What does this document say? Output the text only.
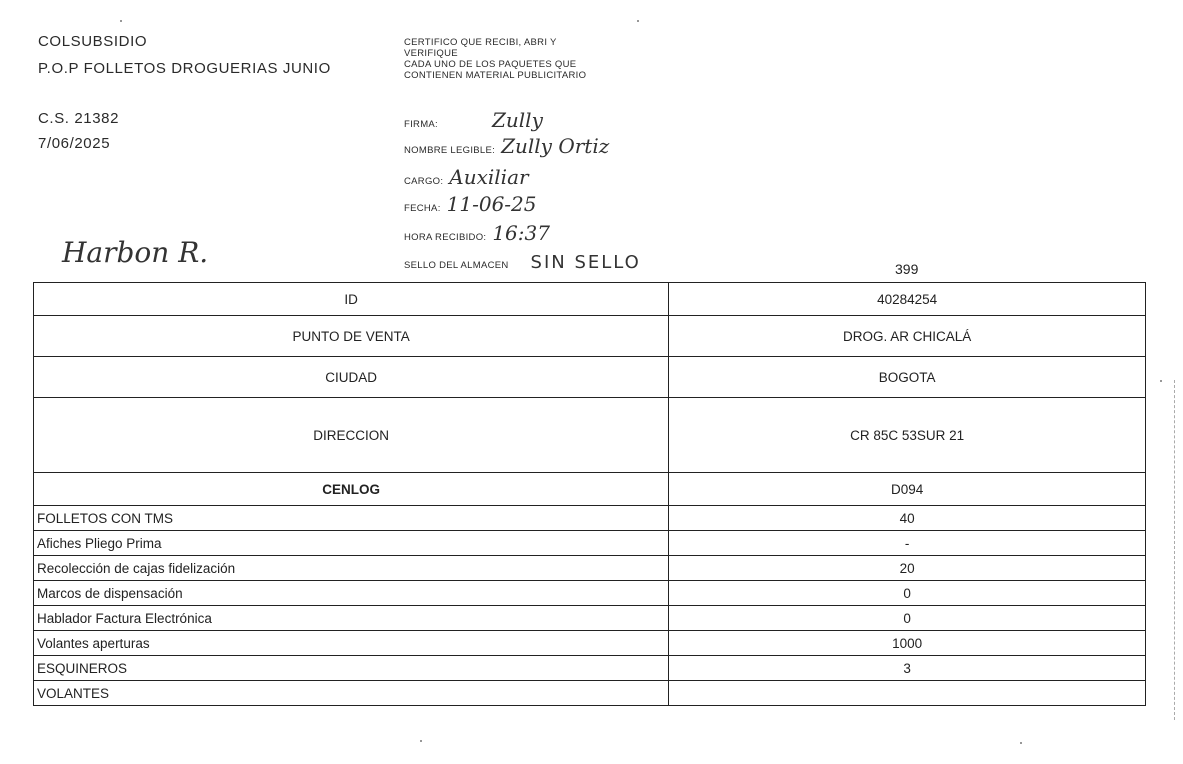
COLSUBSIDIO
P.O.P FOLLETOS DROGUERIAS JUNIO
C.S. 21382
7/06/2025
CERTIFICO QUE RECIBI, ABRI Y
VERIFIQUE
CADA UNO DE LOS PAQUETES QUE
CONTIENEN MATERIAL PUBLICITARIO
FIRMA:	Zully
NOMBRE LEGIBLE: Zully Ortiz
CARGO: Auxiliar
FECHA: 11-06-25
HORA RECIBIDO: 16:37
SELLO DEL ALMACEN SIN SELLO
Harbon R.	399
ID	40284254
PUNTO DE VENTA	DROG. AR CHICALÁ
CIUDAD	BOGOTA
DIRECCION	CR 85C 53SUR 21
CENLOG	D094
FOLLETOS CON TMS	40
Afiches Pliego Prima	-
Recolección de cajas fidelización	20
Marcos de dispensación	0
Hablador Factura Electrónica	0
Volantes aperturas	1000
ESQUINEROS	3
VOLANTES	
